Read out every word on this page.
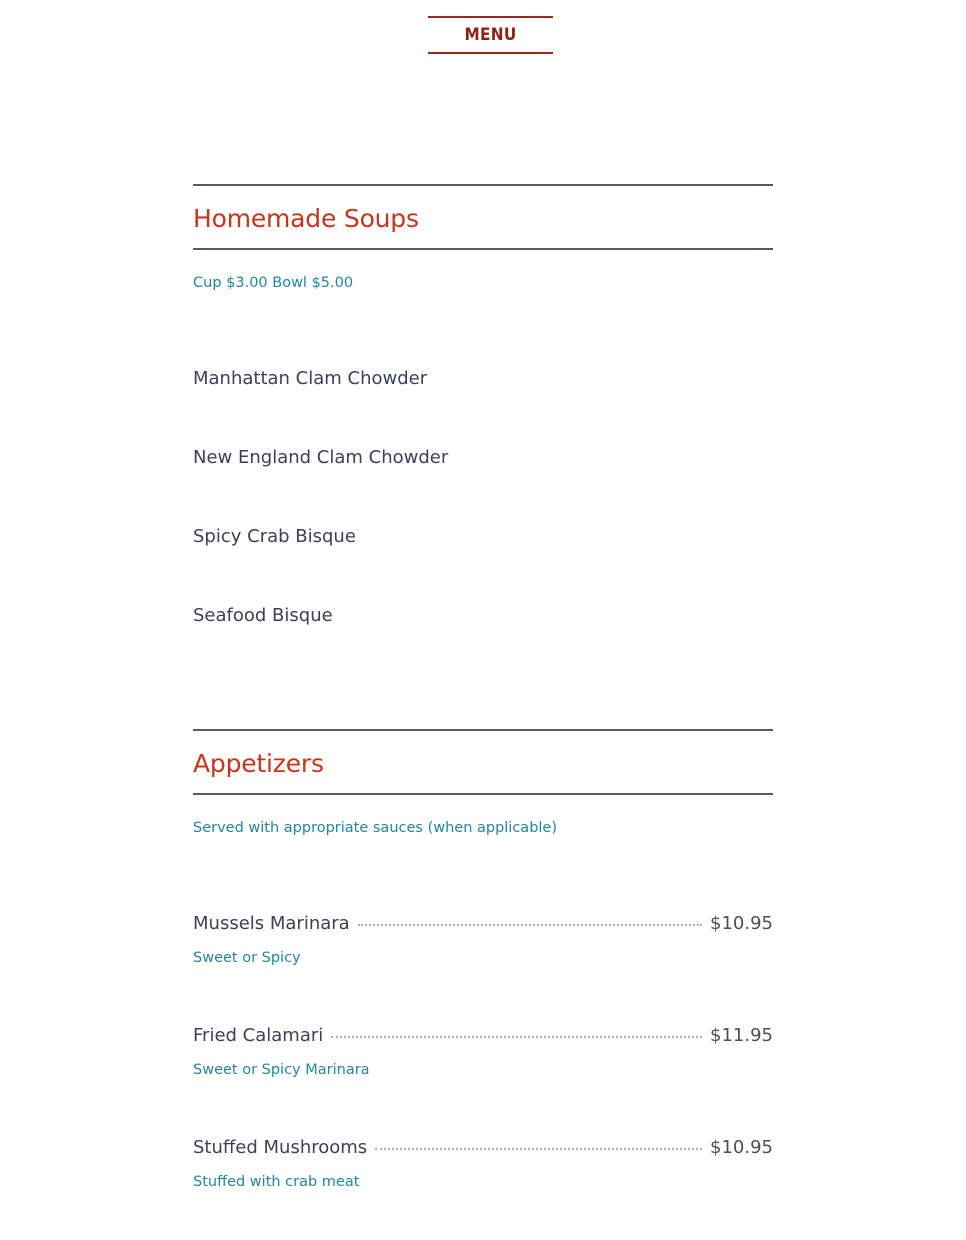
MENU
Homemade Soups
Cup $3.00 Bowl $5.00
Manhattan Clam Chowder
New England Clam Chowder
Spicy Crab Bisque
Seafood Bisque
Appetizers
Served with appropriate sauces (when applicable)
Mussels Marinara	$10.95
Sweet or Spicy
Fried Calamari	$11.95
Sweet or Spicy Marinara
Stuffed Mushrooms	$10.95
Stuffed with crab meat
